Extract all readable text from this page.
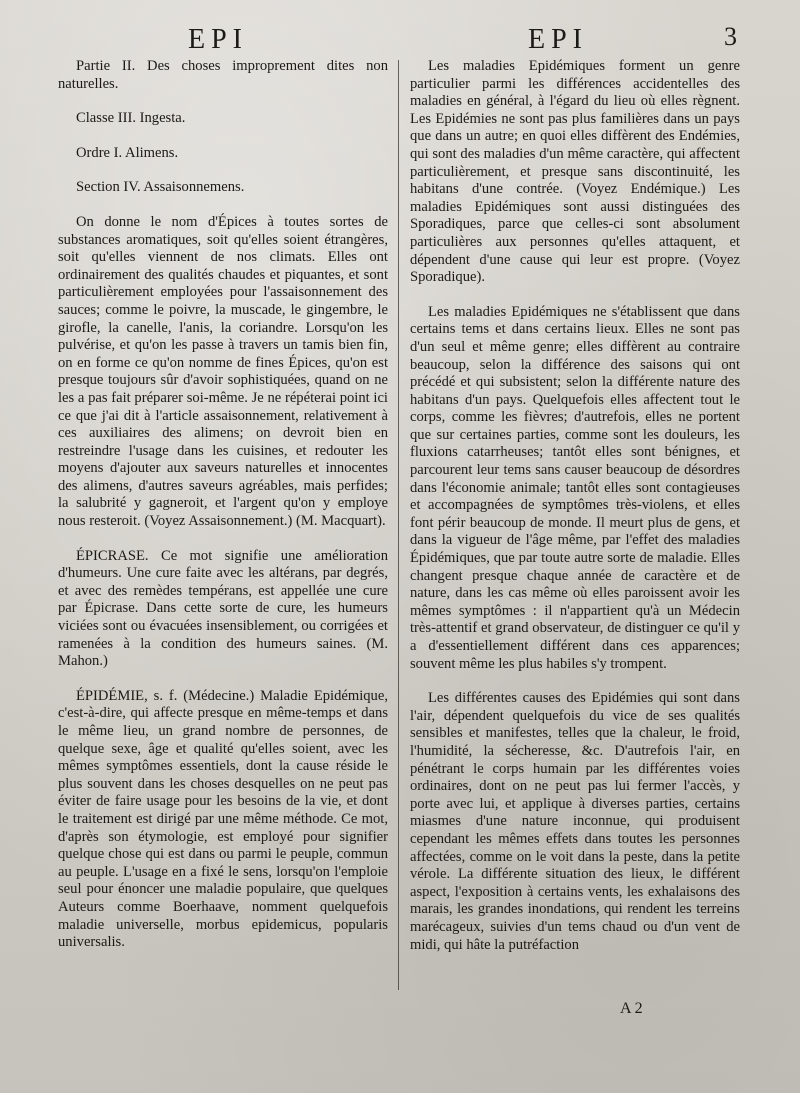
EPI	EPI	3

Partie II. Des choses improprement dites non naturelles.

Classe III. Ingesta.

Ordre I. Alimens.

Section IV. Assaisonnemens.

On donne le nom d'Épices à toutes sortes de substances aromatiques, soit qu'elles soient étrangères, soit qu'elles viennent de nos climats. Elles ont ordinairement des qualités chaudes et piquantes, et sont particulièrement employées pour l'assaisonnement des sauces; comme le poivre, la muscade, le gingembre, le girofle, la canelle, l'anis, la coriandre. Lorsqu'on les pulvérise, et qu'on les passe à travers un tamis bien fin, on en forme ce qu'on nomme de fines Épices, qu'on est presque toujours sûr d'avoir sophistiquées, quand on ne les a pas fait préparer soi-même. Je ne répéterai point ici ce que j'ai dit à l'article assaisonnement, relativement à ces auxiliaires des alimens; on devroit bien en restreindre l'usage dans les cuisines, et redouter les moyens d'ajouter aux saveurs naturelles et innocentes des alimens, d'autres saveurs agréables, mais perfides; la salubrité y gagneroit, et l'argent qu'on y employe nous resteroit. (Voyez Assaisonnement.) (M. Macquart).

ÉPICRASE. Ce mot signifie une amélioration d'humeurs. Une cure faite avec les altérans, par degrés, et avec des remèdes tempérans, est appellée une cure par Épicrase. Dans cette sorte de cure, les humeurs viciées sont ou évacuées insensiblement, ou corrigées et ramenées à la condition des humeurs saines. (M. Mahon.)

ÉPIDÉMIE, s. f. (Médecine.) Maladie Epidémique, c'est-à-dire, qui affecte presque en même-temps et dans le même lieu, un grand nombre de personnes, de quelque sexe, âge et qualité qu'elles soient, avec les mêmes symptômes essentiels, dont la cause réside le plus souvent dans les choses desquelles on ne peut pas éviter de faire usage pour les besoins de la vie, et dont le traitement est dirigé par une même méthode. Ce mot, d'après son étymologie, est employé pour signifier quelque chose qui est dans ou parmi le peuple, commun au peuple. L'usage en a fixé le sens, lorsqu'on l'emploie seul pour énoncer une maladie populaire, que quelques Auteurs comme Boerhaave, nomment quelquefois maladie universelle, morbus epidemicus, popularis universalis.

Les maladies Epidémiques forment un genre particulier parmi les différences accidentelles des maladies en général, à l'égard du lieu où elles règnent. Les Epidémies ne sont pas plus familières dans un pays que dans un autre; en quoi elles diffèrent des Endémies, qui sont des maladies d'un même caractère, qui affectent particulièrement, et presque sans discontinuité, les habitans d'une contrée. (Voyez Endémique.) Les maladies Epidémiques sont aussi distinguées des Sporadiques, parce que celles-ci sont absolument particulières aux personnes qu'elles attaquent, et dépendent d'une cause qui leur est propre. (Voyez Sporadique).

Les maladies Epidémiques ne s'établissent que dans certains tems et dans certains lieux. Elles ne sont pas d'un seul et même genre; elles diffèrent au contraire beaucoup, selon la différence des saisons qui ont précédé et qui subsistent; selon la différente nature des habitans d'un pays. Quelquefois elles affectent tout le corps, comme les fièvres; d'autrefois, elles ne portent que sur certaines parties, comme sont les douleurs, les fluxions catarrheuses; tantôt elles sont bénignes, et parcourent leur tems sans causer beaucoup de désordres dans l'économie animale; tantôt elles sont contagieuses et accompagnées de symptômes très-violens, et elles font périr beaucoup de monde. Il meurt plus de gens, et dans la vigueur de l'âge même, par l'effet des maladies Épidémiques, que par toute autre sorte de maladie. Elles changent presque chaque année de caractère et de nature, dans les cas même où elles paroissent avoir les mêmes symptômes : il n'appartient qu'à un Médecin très-attentif et grand observateur, de distinguer ce qu'il y a d'essentiellement différent dans ces apparences; souvent même les plus habiles s'y trompent.

Les différentes causes des Epidémies qui sont dans l'air, dépendent quelquefois du vice de ses qualités sensibles et manifestes, telles que la chaleur, le froid, l'humidité, la sécheresse, &c. D'autrefois l'air, en pénétrant le corps humain par les différentes voies ordinaires, dont on ne peut pas lui fermer l'accès, y porte avec lui, et applique à diverses parties, certains miasmes d'une nature inconnue, qui produisent cependant les mêmes effets dans toutes les personnes affectées, comme on le voit dans la peste, dans la petite vérole. La différente situation des lieux, le différent aspect, l'exposition à certains vents, les exhalaisons des marais, les grandes inondations, qui rendent les terreins marécageux, suivies d'un tems chaud ou d'un vent de midi, qui hâte la putréfaction

A 2
